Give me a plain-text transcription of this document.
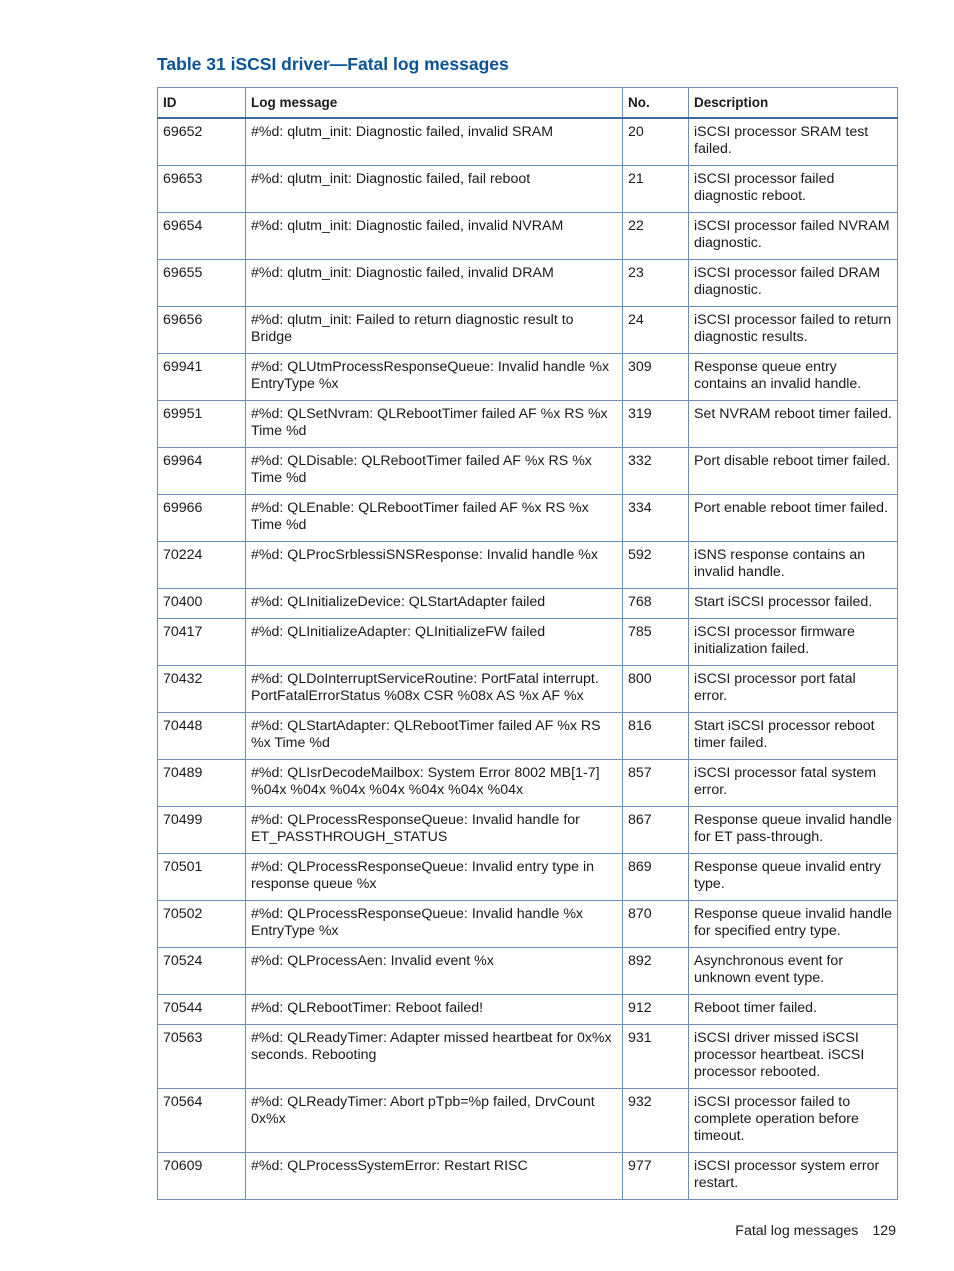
Table 31 iSCSI driver—Fatal log messages
ID	Log message	No.	Description
69652	#%d: qlutm_init: Diagnostic failed, invalid SRAM	20	iSCSI processor SRAM test failed.
69653	#%d: qlutm_init: Diagnostic failed, fail reboot	21	iSCSI processor failed diagnostic reboot.
69654	#%d: qlutm_init: Diagnostic failed, invalid NVRAM	22	iSCSI processor failed NVRAM diagnostic.
69655	#%d: qlutm_init: Diagnostic failed, invalid DRAM	23	iSCSI processor failed DRAM diagnostic.
69656	#%d: qlutm_init: Failed to return diagnostic result to Bridge	24	iSCSI processor failed to return diagnostic results.
69941	#%d: QLUtmProcessResponseQueue: Invalid handle %x EntryType %x	309	Response queue entry contains an invalid handle.
69951	#%d: QLSetNvram: QLRebootTimer failed AF %x RS %x Time %d	319	Set NVRAM reboot timer failed.
69964	#%d: QLDisable: QLRebootTimer failed AF %x RS %x Time %d	332	Port disable reboot timer failed.
69966	#%d: QLEnable: QLRebootTimer failed AF %x RS %x Time %d	334	Port enable reboot timer failed.
70224	#%d: QLProcSrblessiSNSResponse: Invalid handle %x	592	iSNS response contains an invalid handle.
70400	#%d: QLInitializeDevice: QLStartAdapter failed	768	Start iSCSI processor failed.
70417	#%d: QLInitializeAdapter: QLInitializeFW failed	785	iSCSI processor firmware initialization failed.
70432	#%d: QLDoInterruptServiceRoutine: PortFatal interrupt. PortFatalErrorStatus %08x CSR %08x AS %x AF %x	800	iSCSI processor port fatal error.
70448	#%d: QLStartAdapter: QLRebootTimer failed AF %x RS %x Time %d	816	Start iSCSI processor reboot timer failed.
70489	#%d: QLIsrDecodeMailbox: System Error 8002 MB[1-7] %04x %04x %04x %04x %04x %04x %04x	857	iSCSI processor fatal system error.
70499	#%d: QLProcessResponseQueue: Invalid handle for ET_PASSTHROUGH_STATUS	867	Response queue invalid handle for ET pass-through.
70501	#%d: QLProcessResponseQueue: Invalid entry type in response queue %x	869	Response queue invalid entry type.
70502	#%d: QLProcessResponseQueue: Invalid handle %x EntryType %x	870	Response queue invalid handle for specified entry type.
70524	#%d: QLProcessAen: Invalid event %x	892	Asynchronous event for unknown event type.
70544	#%d: QLRebootTimer: Reboot failed!	912	Reboot timer failed.
70563	#%d: QLReadyTimer: Adapter missed heartbeat for 0x%x seconds. Rebooting	931	iSCSI driver missed iSCSI processor heartbeat. iSCSI processor rebooted.
70564	#%d: QLReadyTimer: Abort pTpb=%p failed, DrvCount 0x%x	932	iSCSI processor failed to complete operation before timeout.
70609	#%d: QLProcessSystemError: Restart RISC	977	iSCSI processor system error restart.
Fatal log messages 129
